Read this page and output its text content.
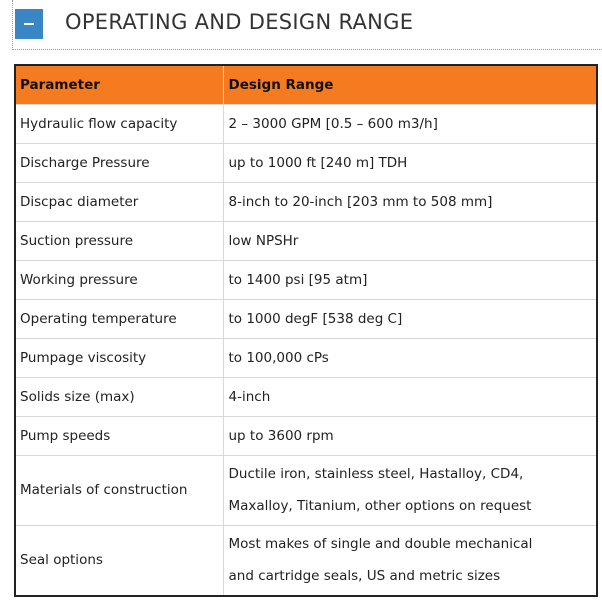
OPERATING AND DESIGN RANGE
Parameter	Design Range
Hydraulic flow capacity	2 – 3000 GPM [0.5 – 600 m3/h]
Discharge Pressure	up to 1000 ft [240 m] TDH
Discpac diameter	8-inch to 20-inch [203 mm to 508 mm]
Suction pressure	low NPSHr
Working pressure	to 1400 psi [95 atm]
Operating temperature	to 1000 degF [538 deg C]
Pumpage viscosity	to 100,000 cPs
Solids size (max)	4-inch
Pump speeds	up to 3600 rpm
Materials of construction	Ductile iron, stainless steel, Hastalloy, CD4,
Maxalloy, Titanium, other options on request

Seal options	Most makes of single and double mechanical
and cartridge seals, US and metric sizes
